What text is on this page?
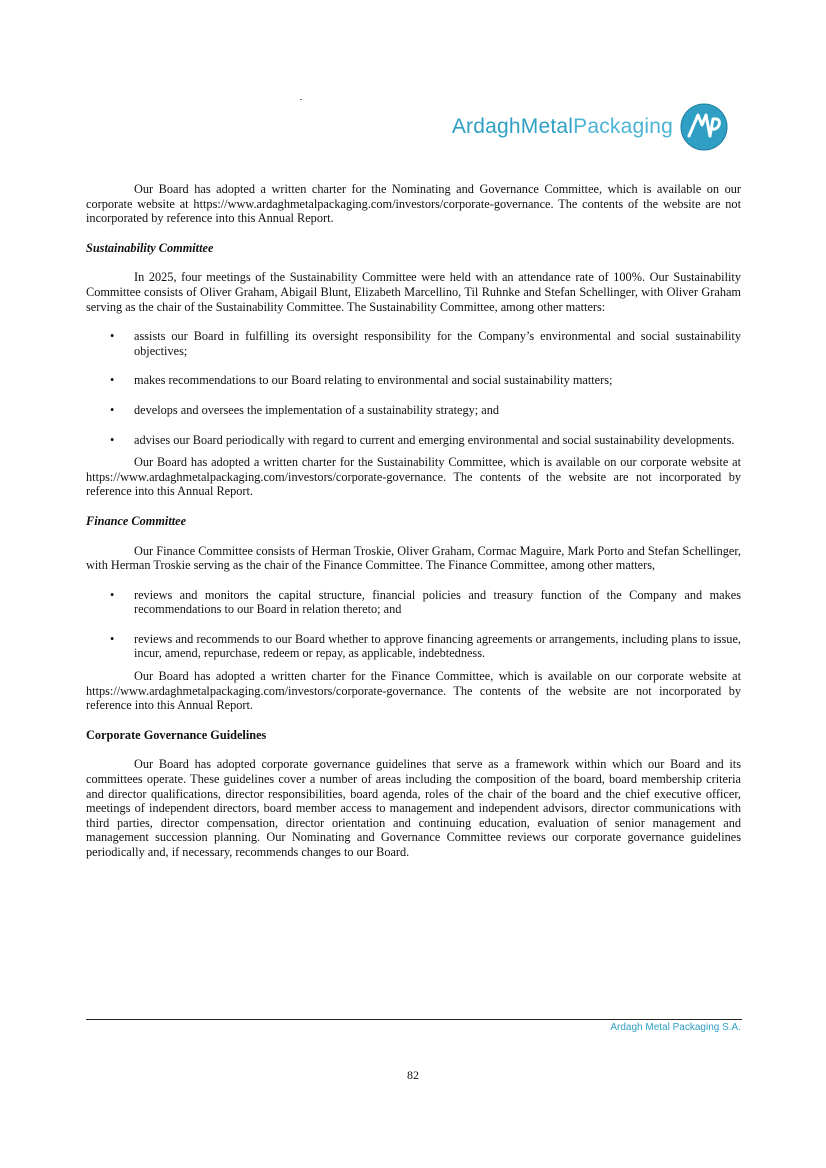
ArdaghMetalPackaging

Our Board has adopted a written charter for the Nominating and Governance Committee, which is available on our corporate website at https://www.ardaghmetalpackaging.com/investors/corporate-governance. The contents of the website are not incorporated by reference into this Annual Report.

Sustainability Committee

In 2025, four meetings of the Sustainability Committee were held with an attendance rate of 100%. Our Sustainability Committee consists of Oliver Graham, Abigail Blunt, Elizabeth Marcellino, Til Ruhnke and Stefan Schellinger, with Oliver Graham serving as the chair of the Sustainability Committee. The Sustainability Committee, among other matters:

• assists our Board in fulfilling its oversight responsibility for the Company’s environmental and social sustainability objectives;
• makes recommendations to our Board relating to environmental and social sustainability matters;
• develops and oversees the implementation of a sustainability strategy; and
• advises our Board periodically with regard to current and emerging environmental and social sustainability developments.

Our Board has adopted a written charter for the Sustainability Committee, which is available on our corporate website at https://www.ardaghmetalpackaging.com/investors/corporate-governance. The contents of the website are not incorporated by reference into this Annual Report.

Finance Committee

Our Finance Committee consists of Herman Troskie, Oliver Graham, Cormac Maguire, Mark Porto and Stefan Schellinger, with Herman Troskie serving as the chair of the Finance Committee. The Finance Committee, among other matters,

• reviews and monitors the capital structure, financial policies and treasury function of the Company and makes recommendations to our Board in relation thereto; and
• reviews and recommends to our Board whether to approve financing agreements or arrangements, including plans to issue, incur, amend, repurchase, redeem or repay, as applicable, indebtedness.

Our Board has adopted a written charter for the Finance Committee, which is available on our corporate website at https://www.ardaghmetalpackaging.com/investors/corporate-governance. The contents of the website are not incorporated by reference into this Annual Report.

Corporate Governance Guidelines

Our Board has adopted corporate governance guidelines that serve as a framework within which our Board and its committees operate. These guidelines cover a number of areas including the composition of the board, board membership criteria and director qualifications, director responsibilities, board agenda, roles of the chair of the board and the chief executive officer, meetings of independent directors, board member access to management and independent advisors, director communications with third parties, director compensation, director orientation and continuing education, evaluation of senior management and management succession planning. Our Nominating and Governance Committee reviews our corporate governance guidelines periodically and, if necessary, recommends changes to our Board.

Ardagh Metal Packaging S.A.
82
